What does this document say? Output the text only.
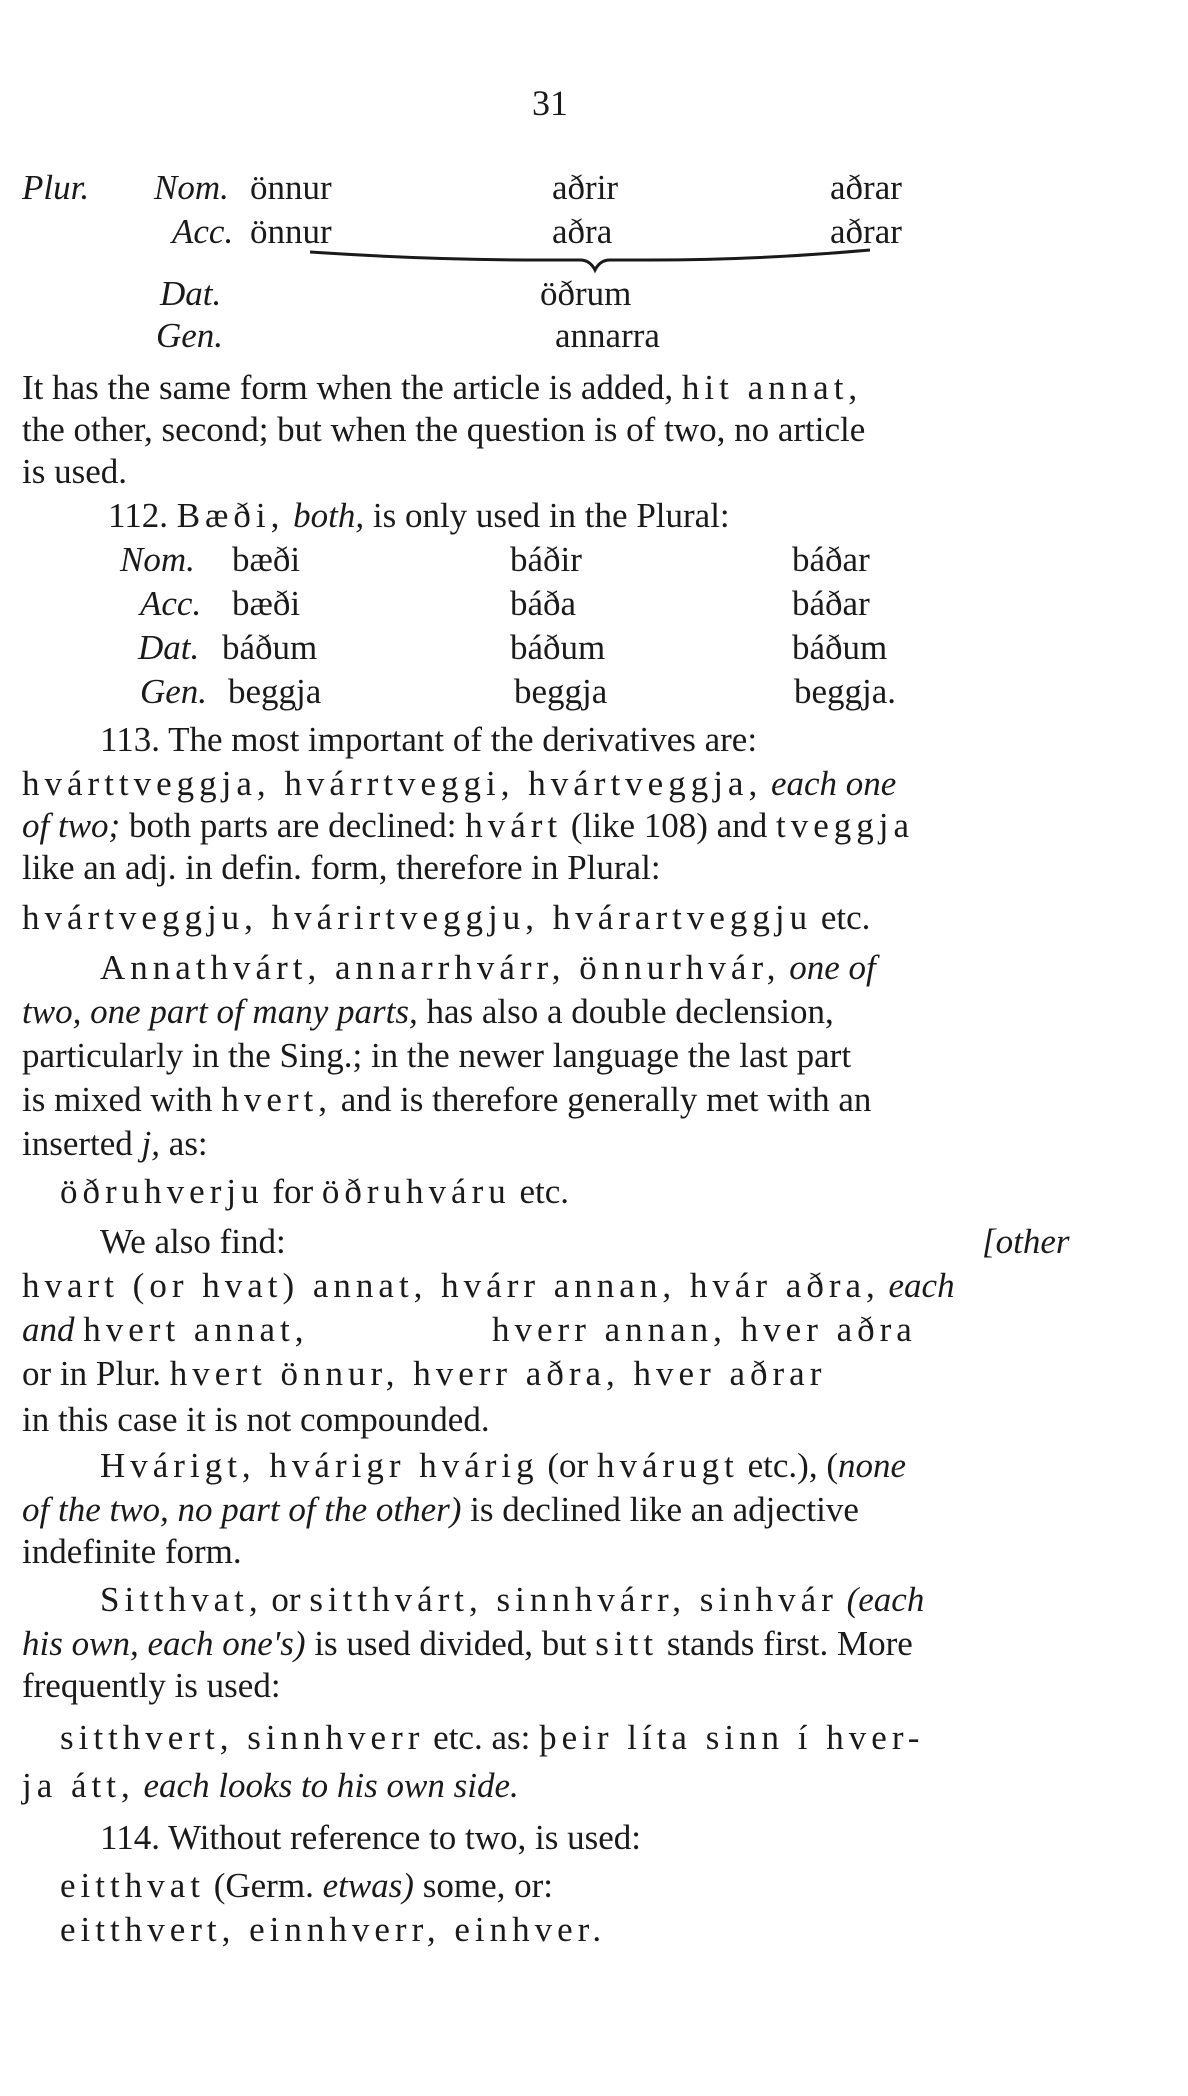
31
Plur. Nom. önnur	aðrir	aðrar
Acc. önnur	aðra	aðrar
Dat.	öðrum
Gen.	annarra
It has the same form when the article is added, hit annat,
the other, second; but when the question is of two, no article
is used.
112. Bæði, both, is only used in the Plural:
Nom. bæði	báðir	báðar
Acc. bæði	báða	báðar
Dat. báðum	báðum	báðum
Gen. beggja	beggja	beggja.
113. The most important of the derivatives are:
hvárttveggja, hvárrtveggi, hvártveggja, each one
of two; both parts are declined: hvárt (like 108) and tveggja
like an adj. in defin. form, therefore in Plural:
hvártveggju, hvárirtveggju, hvárartveggju etc.
Annathvárt, annarrhvárr, önnurhvár, one of
two, one part of many parts, has also a double declension,
particularly in the Sing.; in the newer language the last part
is mixed with hvert, and is therefore generally met with an
inserted j, as:
öðruhverju for öðruhváru etc.
We also find:	[other
hvart (or hvat) annat, hvárr annan, hvár aðra, each
and hvert annat,	hverr annan, hver aðra
or in Plur. hvert önnur, hverr aðra, hver aðrar
in this case it is not compounded.
Hvárigt, hvárigr hvárig (or hvárugt etc.), (none
of the two, no part of the other) is declined like an adjective
indefinite form.
Sitthvat, or sitthvárt, sinnhvárr, sinhvár (each
his own, each one's) is used divided, but sitt stands first. More
frequently is used:
sitthvert, sinnhverr etc. as: þeir líta sinn í hver-
ja átt, each looks to his own side.
114. Without reference to two, is used:
eitthvat (Germ. etwas) some, or:
eitthvert, einnhverr, einhver.
